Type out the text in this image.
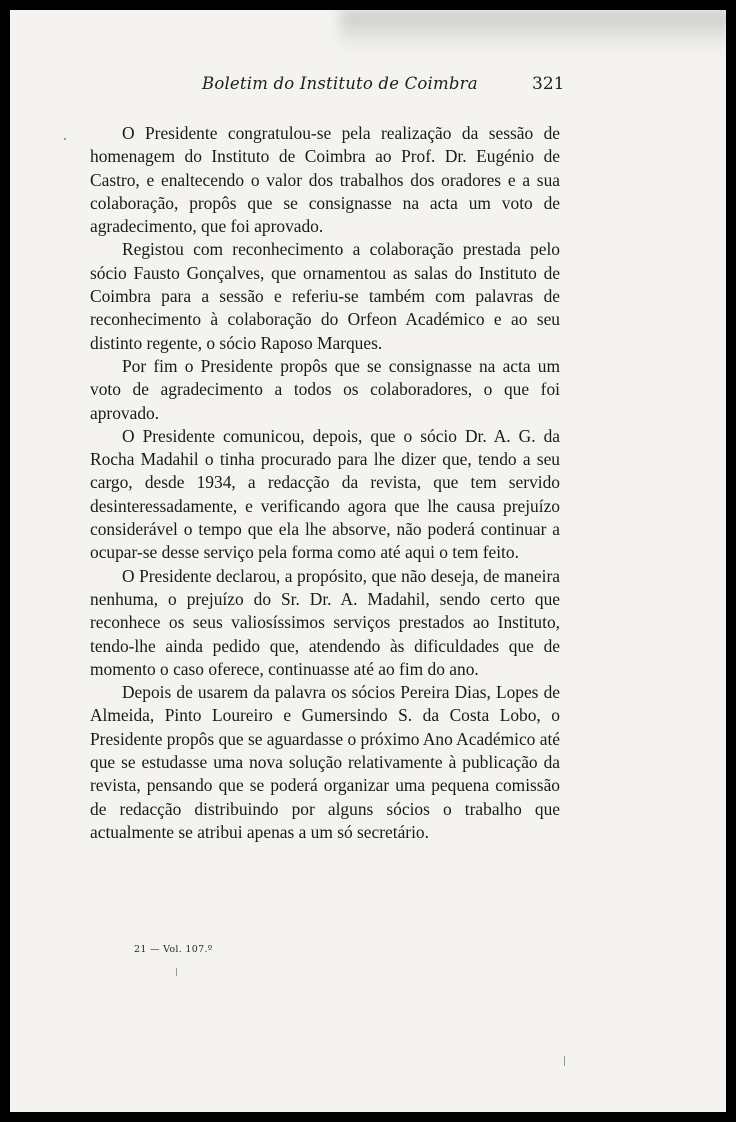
Boletim do Instituto de Coimbra	321

O Presidente congratulou-se pela realização da sessão de homenagem do Instituto de Coimbra ao Prof. Dr. Eugénio de Castro, e enaltecendo o valor dos trabalhos dos oradores e a sua colaboração, propôs que se consignasse na acta um voto de agradecimento, que foi aprovado.

Registou com reconhecimento a colaboração prestada pelo sócio Fausto Gonçalves, que ornamentou as salas do Instituto de Coimbra para a sessão e referiu-se também com palavras de reconhecimento à colaboração do Orfeon Académico e ao seu distinto regente, o sócio Raposo Marques.

Por fim o Presidente propôs que se consignasse na acta um voto de agradecimento a todos os colaboradores, o que foi aprovado.

O Presidente comunicou, depois, que o sócio Dr. A. G. da Rocha Madahil o tinha procurado para lhe dizer que, tendo a seu cargo, desde 1934, a redacção da revista, que tem servido desinteressadamente, e verificando agora que lhe causa prejuízo considerável o tempo que ela lhe absorve, não poderá continuar a ocupar-se desse serviço pela forma como até aqui o tem feito.

O Presidente declarou, a propósito, que não deseja, de maneira nenhuma, o prejuízo do Sr. Dr. A. Madahil, sendo certo que reconhece os seus valiosíssimos serviços prestados ao Instituto, tendo-lhe ainda pedido que, atendendo às dificuldades que de momento o caso oferece, continuasse até ao fim do ano.

Depois de usarem da palavra os sócios Pereira Dias, Lopes de Almeida, Pinto Loureiro e Gumersindo S. da Costa Lobo, o Presidente propôs que se aguardasse o próximo Ano Académico até que se estudasse uma nova solução relativamente à publicação da revista, pensando que se poderá organizar uma pequena comissão de redacção distribuindo por alguns sócios o trabalho que actualmente se atribui apenas a um só secretário.

21 — Vol. 107.º
